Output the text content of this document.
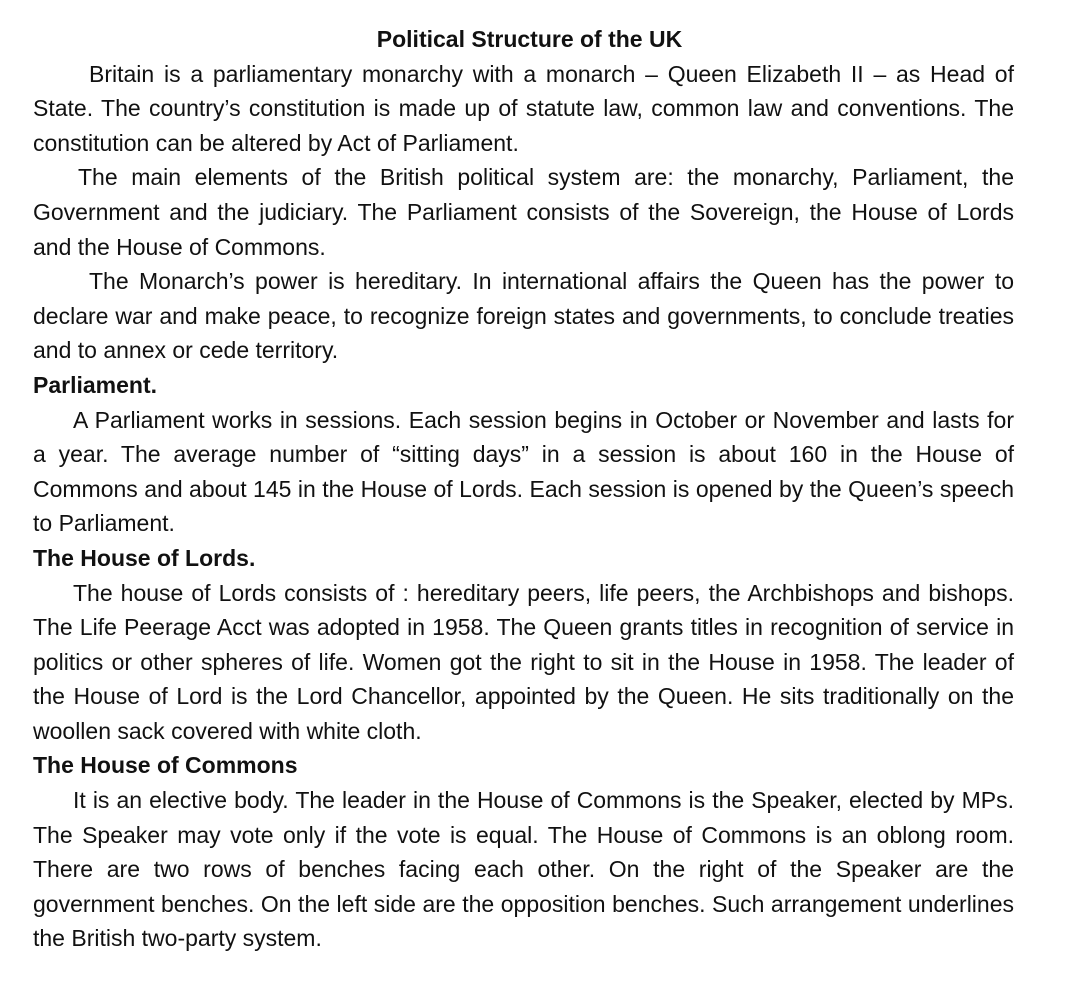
Political Structure of the UK

Britain is a parliamentary monarchy with a monarch – Queen Elizabeth II – as Head of State. The country’s constitution is made up of statute law, common law and conventions. The constitution can be altered by Act of Parliament.

The main elements of the British political system are: the monarchy, Parliament, the Government and the judiciary. The Parliament consists of the Sovereign, the House of Lords and the House of Commons.

The Monarch’s power is hereditary. In international affairs the Queen has the power to declare war and make peace, to recognize foreign states and governments, to conclude treaties and to annex or cede territory.

Parliament.

A Parliament works in sessions. Each session begins in October or November and lasts for a year. The average number of “sitting days” in a session is about 160 in the House of Commons and about 145 in the House of Lords. Each session is opened by the Queen’s speech to Parliament.

The House of Lords.

The house of Lords consists of : hereditary peers, life peers, the Archbishops and bishops. The Life Peerage Acct was adopted in 1958. The Queen grants titles in recognition of service in politics or other spheres of life. Women got the right to sit in the House in 1958. The leader of the House of Lord is the Lord Chancellor, appointed by the Queen. He sits traditionally on the woollen sack covered with white cloth.

The House of Commons

It is an elective body. The leader in the House of Commons is the Speaker, elected by MPs. The Speaker may vote only if the vote is equal. The House of Commons is an oblong room. There are two rows of benches facing each other. On the right of the Speaker are the government benches. On the left side are the opposition benches. Such arrangement underlines the British two-party system.
